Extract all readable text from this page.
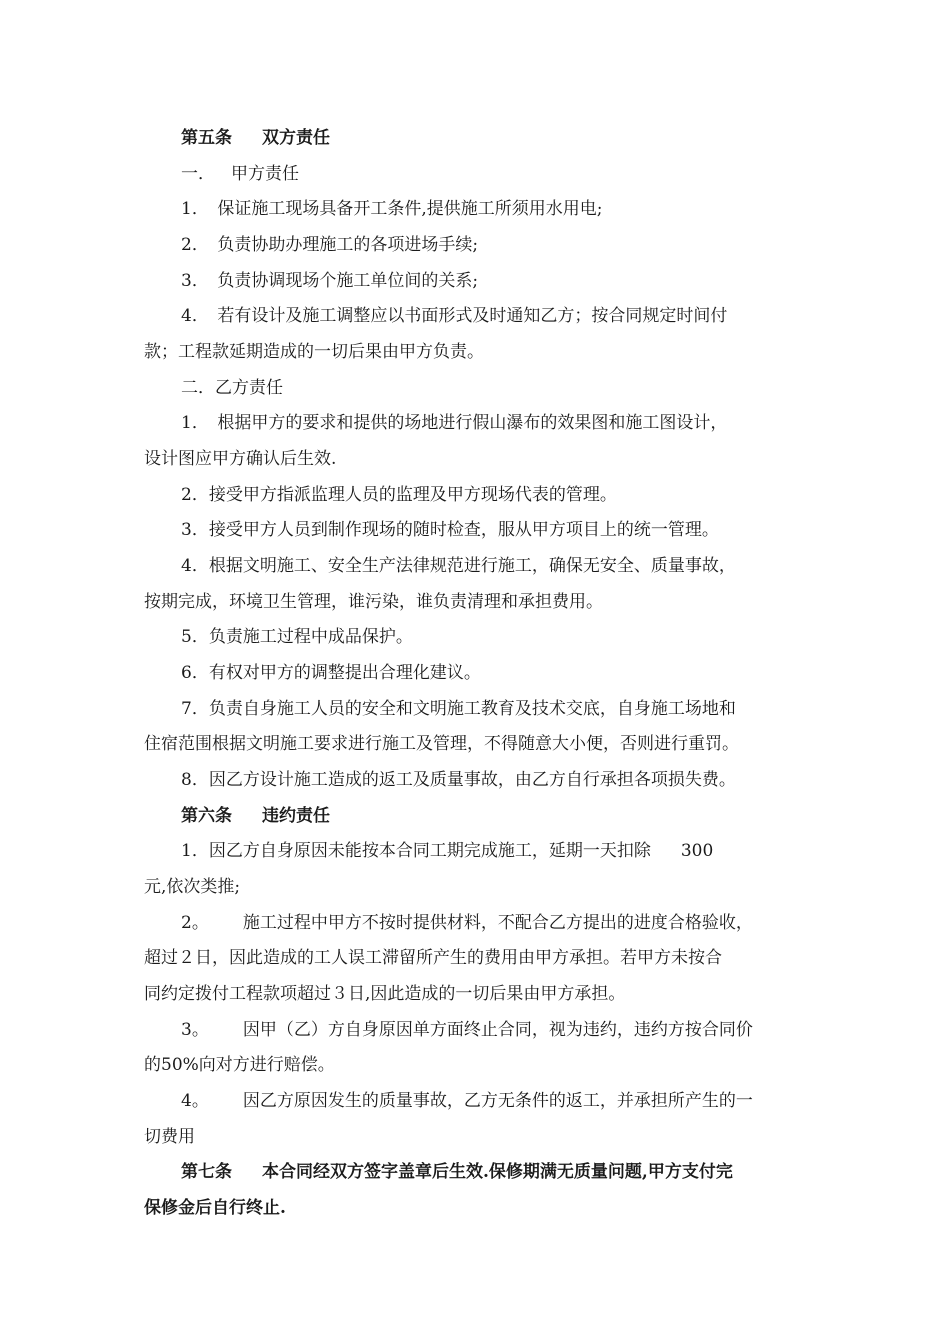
第五条 双方责任
一． 甲方责任
1．　保证施工现场具备开工条件,提供施工所须用水用电;
2．　负责协助办理施工的各项进场手续;
3．　负责协调现场个施工单位间的关系;
4．　若有设计及施工调整应以书面形式及时通知乙方；按合同规定时间付
款；工程款延期造成的一切后果由甲方负责。
二．乙方责任
1．　根据甲方的要求和提供的场地进行假山瀑布的效果图和施工图设计，
设计图应甲方确认后生效.
2．接受甲方指派监理人员的监理及甲方现场代表的管理。
3．接受甲方人员到制作现场的随时检查，服从甲方项目上的统一管理。
4．根据文明施工、安全生产法律规范进行施工，确保无安全、质量事故，
按期完成，环境卫生管理，谁污染，谁负责清理和承担费用。
5．负责施工过程中成品保护。
6．有权对甲方的调整提出合理化建议。
7．负责自身施工人员的安全和文明施工教育及技术交底，自身施工场地和
住宿范围根据文明施工要求进行施工及管理，不得随意大小便，否则进行重罚。
8．因乙方设计施工造成的返工及质量事故，由乙方自行承担各项损失费。
第六条 违约责任
1．因乙方自身原因未能按本合同工期完成施工，延期一天扣除 300
元,依次类推;
2。 施工过程中甲方不按时提供材料，不配合乙方提出的进度合格验收，
超过２日，因此造成的工人误工滞留所产生的费用由甲方承担。若甲方未按合
同约定拨付工程款项超过３日,因此造成的一切后果由甲方承担。
3。 因甲（乙）方自身原因单方面终止合同，视为违约，违约方按合同价
的50%向对方进行赔偿。
4。 因乙方原因发生的质量事故，乙方无条件的返工，并承担所产生的一
切费用
第七条 本合同经双方签字盖章后生效.保修期满无质量问题,甲方支付完
保修金后自行终止.
